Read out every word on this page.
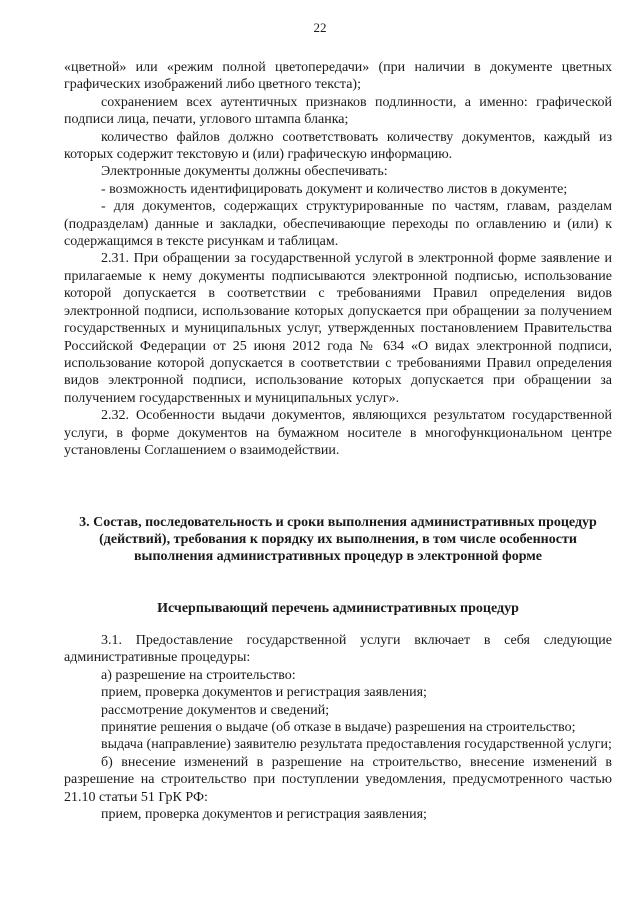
22

«цветной» или «режим полной цветопередачи» (при наличии в документе цветных графических изображений либо цветного текста);

сохранением всех аутентичных признаков подлинности, а именно: графической подписи лица, печати, углового штампа бланка;

количество файлов должно соответствовать количеству документов, каждый из которых содержит текстовую и (или) графическую информацию.

Электронные документы должны обеспечивать:

- возможность идентифицировать документ и количество листов в документе;

- для документов, содержащих структурированные по частям, главам, разделам (подразделам) данные и закладки, обеспечивающие переходы по оглавлению и (или) к содержащимся в тексте рисункам и таблицам.

2.31. При обращении за государственной услугой в электронной форме заявление и прилагаемые к нему документы подписываются электронной подписью, использование которой допускается в соответствии с требованиями Правил определения видов электронной подписи, использование которых допускается при обращении за получением государственных и муниципальных услуг, утвержденных постановлением Правительства Российской Федерации от 25 июня 2012 года № 634 «О видах электронной подписи, использование которой допускается в соответствии с требованиями Правил определения видов электронной подписи, использование которых допускается при обращении за получением государственных и муниципальных услуг».

2.32. Особенности выдачи документов, являющихся результатом государственной услуги, в форме документов на бумажном носителе в многофункциональном центре установлены Соглашением о взаимодействии.

3. Состав, последовательность и сроки выполнения административных процедур (действий), требования к порядку их выполнения, в том числе особенности выполнения административных процедур в электронной форме
Исчерпывающий перечень административных процедур

3.1. Предоставление государственной услуги включает в себя следующие административные процедуры:

а) разрешение на строительство:

прием, проверка документов и регистрация заявления;

рассмотрение документов и сведений;

принятие решения о выдаче (об отказе в выдаче) разрешения на строительство;

выдача (направление) заявителю результата предоставления государственной услуги;

б) внесение изменений в разрешение на строительство, внесение изменений в разрешение на строительство при поступлении уведомления, предусмотренного частью 21.10 статьи 51 ГрК РФ:

прием, проверка документов и регистрация заявления;
